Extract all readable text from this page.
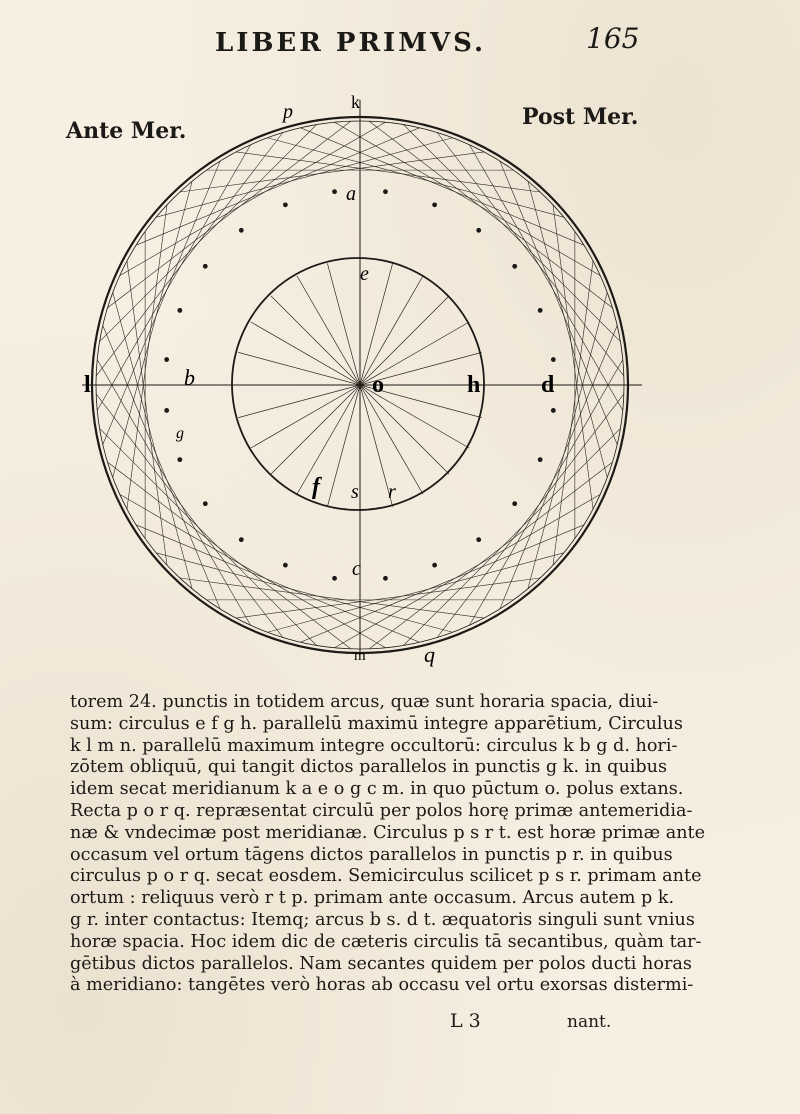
LIBER PRIMVS.	165
Ante Mer.
Post Mer.
k
p
a
e
b
l	o	h	d
g
f s r
c
m	q
torem 24. punctis in totidem arcus, quæ sunt horaria spacia, diui-
sum: circulus e f g h. parallelū maximū integre apparētium, Circulus
k l m n. parallelū maximum integre occultorū: circulus k b g d. hori-
zōtem obliquū, qui tangit dictos parallelos in punctis g k. in quibus
idem secat meridianum k a e o g c m. in quo pūctum o. polus extans.
Recta p o r q. repræsentat circulū per polos horę primæ antemeridia-
næ & vndecimæ post meridianæ. Circulus p s r t. est horæ primæ ante
occasum vel ortum tāgens dictos parallelos in punctis p r. in quibus
circulus p o r q. secat eosdem. Semicirculus scilicet p s r. primam ante
ortum : reliquus verò r t p. primam ante occasum. Arcus autem p k.
g r. inter contactus: Itemq; arcus b s. d t. æquatoris singuli sunt vnius
horæ spacia. Hoc idem dic de cæteris circulis tā secantibus, quàm tar-
gētibus dictos parallelos. Nam secantes quidem per polos ducti horas
à meridiano: tangētes verò horas ab occasu vel ortu exorsas distermi-
L 3	nant.
